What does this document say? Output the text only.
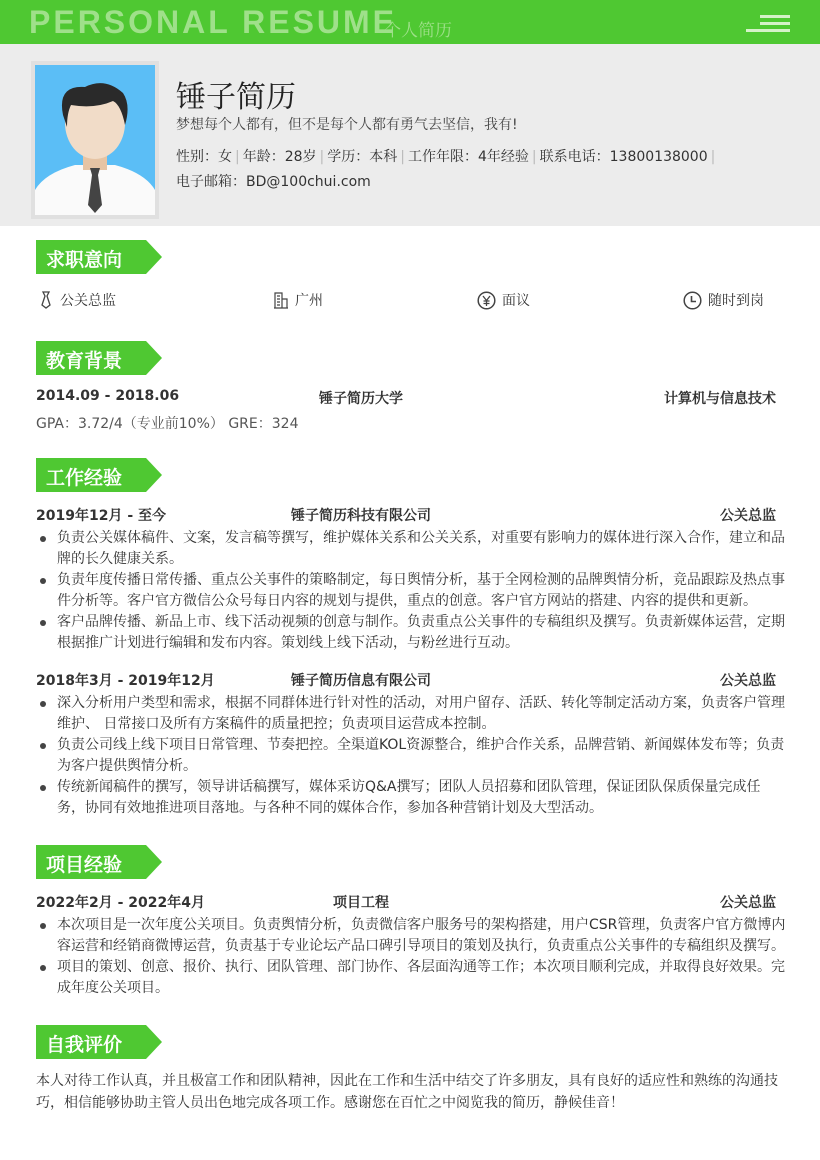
PERSONAL RESUME
个人简历
锤子简历
梦想每个人都有，但不是每个人都有勇气去坚信，我有!
性别：女 | 年龄：28岁 | 学历：本科 | 工作年限：4年经验 | 联系电话：13800138000 |
电子邮箱：BD@100chui.com
求职意向
公关总监	广州	面议	随时到岗
教育背景
2014.09 - 2018.06	锤子简历大学	计算机与信息技术
GPA：3.72/4（专业前10%） GRE：324
工作经验
2019年12月 - 至今	锤子简历科技有限公司	公关总监
负责公关媒体稿件、文案，发言稿等撰写，维护媒体关系和公关关系，对重要有影响力的媒体进行深入合作，建立和品牌的长久健康关系。
负责年度传播日常传播、重点公关事件的策略制定，每日舆情分析，基于全网检测的品牌舆情分析，竞品跟踪及热点事件分析等。客户官方微信公众号每日内容的规划与提供，重点的创意。客户官方网站的搭建、内容的提供和更新。
客户品牌传播、新品上市、线下活动视频的创意与制作。负责重点公关事件的专稿组织及撰写。负责新媒体运营，定期根据推广计划进行编辑和发布内容。策划线上线下活动，与粉丝进行互动。
2018年3月 - 2019年12月	锤子简历信息有限公司	公关总监
深入分析用户类型和需求，根据不同群体进行针对性的活动，对用户留存、活跃、转化等制定活动方案，负责客户管理维护、 日常接口及所有方案稿件的质量把控；负责项目运营成本控制。
负责公司线上线下项目日常管理、节奏把控。全渠道KOL资源整合，维护合作关系，品牌营销、新闻媒体发布等；负责为客户提供舆情分析。
传统新闻稿件的撰写，领导讲话稿撰写，媒体采访Q&A撰写；团队人员招募和团队管理，保证团队保质保量完成任务，协同有效地推进项目落地。与各种不同的媒体合作，参加各种营销计划及大型活动。
项目经验
2022年2月 - 2022年4月	项目工程	公关总监
本次项目是一次年度公关项目。负责舆情分析，负责微信客户服务号的架构搭建，用户CSR管理，负责客户官方微博内容运营和经销商微博运营，负责基于专业论坛产品口碑引导项目的策划及执行，负责重点公关事件的专稿组织及撰写。
项目的策划、创意、报价、执行、团队管理、部门协作、各层面沟通等工作；本次项目顺利完成，并取得良好效果。完成年度公关项目。
自我评价
本人对待工作认真，并且极富工作和团队精神，因此在工作和生活中结交了许多朋友，具有良好的适应性和熟练的沟通技巧，相信能够协助主管人员出色地完成各项工作。感谢您在百忙之中阅览我的简历，静候佳音！
